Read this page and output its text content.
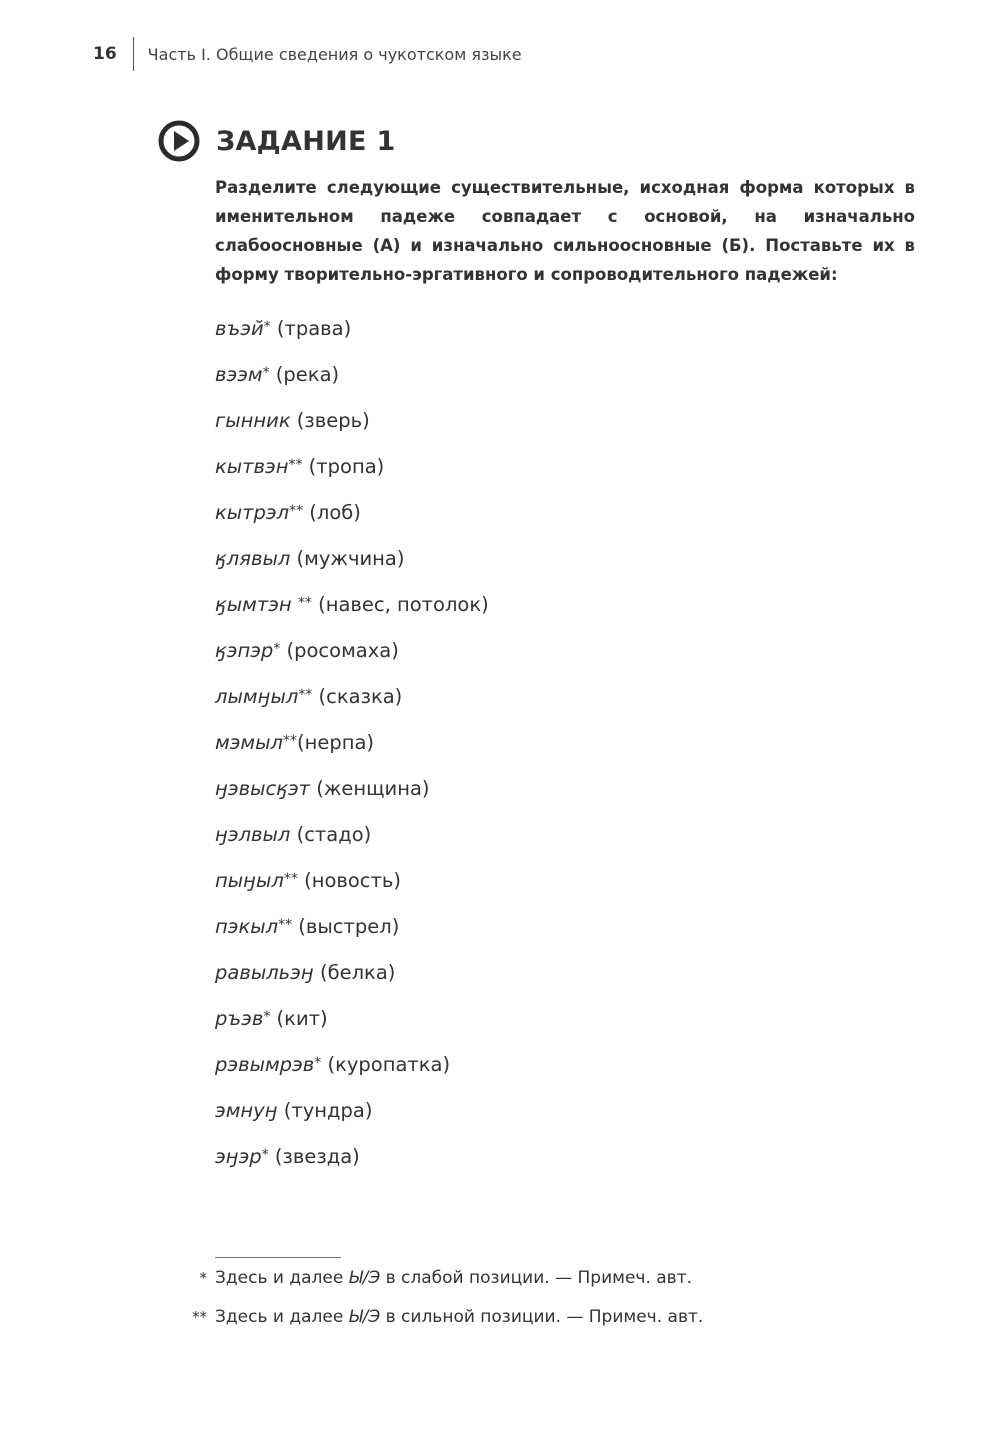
16 Часть I. Общие сведения о чукотском языке
ЗАДАНИЕ 1
Разделите следующие существительные, исходная форма которых в именительном падеже совпадает с основой, на изначально слабоосновные (А) и изначально сильноосновные (Б). Поставьте их в форму творительно-эргативного и сопроводительного падежей:
въэй* (трава)
вээм* (река)
гынник (зверь)
кытвэн** (тропа)
кытрэл** (лоб)
ӄлявыл (мужчина)
ӄымтэн ** (навес, потолок)
ӄэпэр* (росомаха)
лымӈыл** (сказка)
мэмыл**(нерпа)
ӈэвысӄэт (женщина)
ӈэлвыл (стадо)
пыӈыл** (новость)
пэкыл** (выстрел)
равыльэӈ (белка)
ръэв* (кит)
рэвымрэв* (куропатка)
эмнуӈ (тундра)
эӈэр* (звезда)
* Здесь и далее Ы/Э в слабой позиции. — Примеч. авт.
** Здесь и далее Ы/Э в сильной позиции. — Примеч. авт.
